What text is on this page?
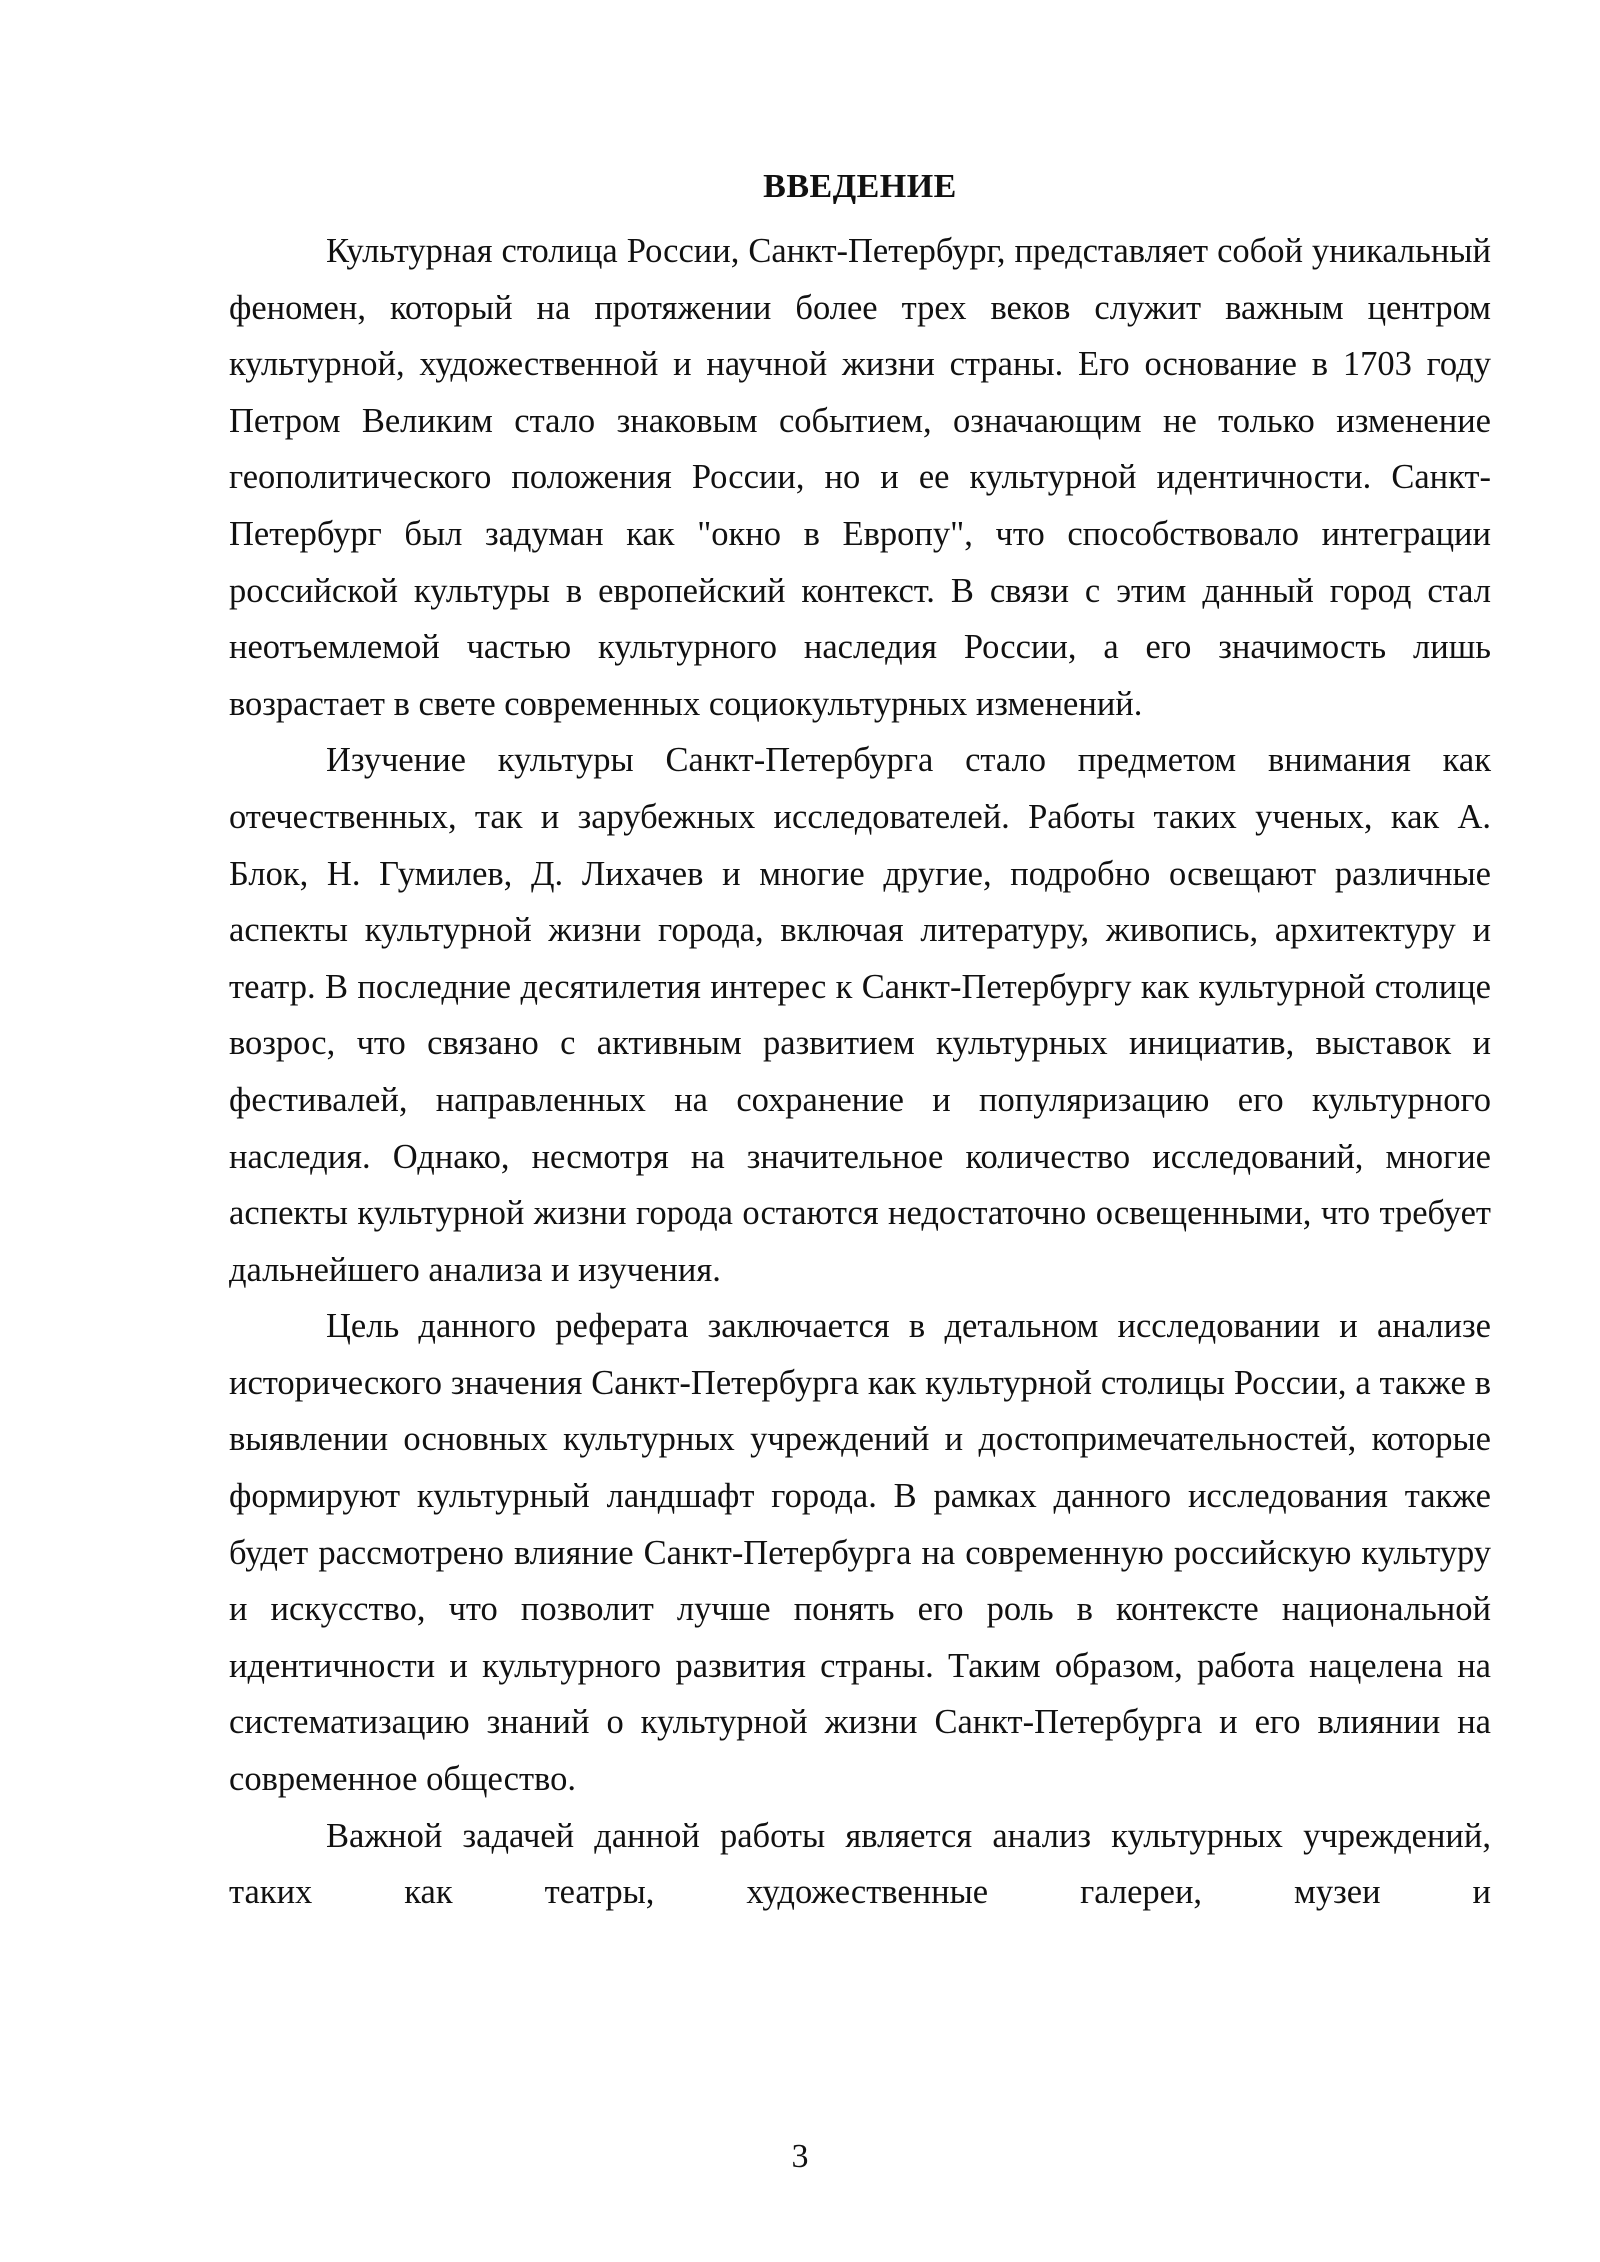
ВВЕДЕНИЕ

Культурная столица России, Санкт-Петербург, представляет собой уникальный феномен, который на протяжении более трех веков служит важным центром культурной, художественной и научной жизни страны. Его основание в 1703 году Петром Великим стало знаковым событием, означающим не только изменение геополитического положения России, но и ее культурной идентичности. Санкт-Петербург был задуман как "окно в Европу", что способствовало интеграции российской культуры в европейский контекст. В связи с этим данный город стал неотъемлемой частью культурного наследия России, а его значимость лишь возрастает в свете современных социокультурных изменений.

Изучение культуры Санкт-Петербурга стало предметом внимания как отечественных, так и зарубежных исследователей. Работы таких ученых, как А. Блок, Н. Гумилев, Д. Лихачев и многие другие, подробно освещают различные аспекты культурной жизни города, включая литературу, живопись, архитектуру и театр. В последние десятилетия интерес к Санкт-Петербургу как культурной столице возрос, что связано с активным развитием культурных инициатив, выставок и фестивалей, направленных на сохранение и популяризацию его культурного наследия. Однако, несмотря на значительное количество исследований, многие аспекты культурной жизни города остаются недостаточно освещенными, что требует дальнейшего анализа и изучения.

Цель данного реферата заключается в детальном исследовании и анализе исторического значения Санкт-Петербурга как культурной столицы России, а также в выявлении основных культурных учреждений и достопримечательностей, которые формируют культурный ландшафт города. В рамках данного исследования также будет рассмотрено влияние Санкт-Петербурга на современную российскую культуру и искусство, что позволит лучше понять его роль в контексте национальной идентичности и культурного развития страны. Таким образом, работа нацелена на систематизацию знаний о культурной жизни Санкт-Петербурга и его влиянии на современное общество.

Важной задачей данной работы является анализ культурных учреждений, таких как театры, художественные галереи, музеи и

3
